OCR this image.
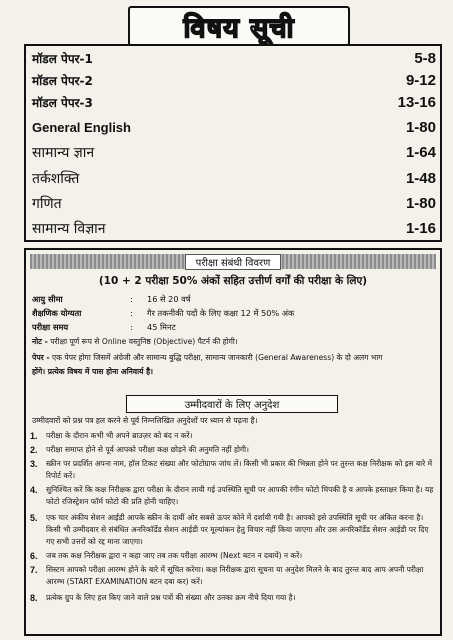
विषय सूची
मॉडल पेपर-1	5-8
मॉडल पेपर-2	9-12
मॉडल पेपर-3	13-16
General English	1-80
सामान्य ज्ञान	1-64
तर्कशक्ति	1-48
गणित	1-80
सामान्य विज्ञान	1-16
परीक्षा संबंधी विवरण
(10 + 2 परीक्षा 50% अंकों सहित उत्तीर्ण वर्गों की परीक्षा के लिए)
आयु सीमा	: 16 से 20 वर्ष
शैक्षणिक योग्यता	: गैर तकनीकी पदों के लिए कक्षा 12 में 50% अंक
परीक्षा समय	: 45 मिनट
नोट - परीक्षा पूर्ण रूप से Online वस्तुनिष्ठ (Objective) पैटर्न की होगी।
पेपर - एक पेपर होगा जिसमें अंग्रेजी और सामान्य बुद्धि परीक्षा, सामान्य जानकारी (General Awareness) के दो अलग भाग
होंगे। प्रत्येक विषय में पास होना अनिवार्य है।
उम्मीदवारों के लिए अनुदेश
उम्मीदवारों को प्रश्न पत्र हल करने से पूर्व निम्नलिखित अनुदेशों पर ध्यान से पढ़ना है।
1. परीक्षा के दौरान कभी भी अपने ब्राउज़र को बंद न करें।
2. परीक्षा समाप्त होने से पूर्व आपको परीक्षा कक्ष छोड़ने की अनुमति नहीं होगी।
3. स्क्रीन पर प्रदर्शित अपना नाम, हॉल टिकट संख्या और फोटोग्राफ जांच लें। किसी भी प्रकार की भिन्नता होने पर तुरन्त कक्ष निरीक्षक को इस बारे में रिपोर्ट करें।
4. सुनिश्चित करें कि कक्ष निरीक्षक द्वारा परीक्षा के दौरान लायी गई उपस्थिति सूची पर आपकी रंगीन फोटो चिपकी है व आपके हस्ताक्षर किया है। यह फोटो रजिस्ट्रेशन फॉर्म फोटो की प्रति होनी चाहिए।
5. एक चार अंकीय सेशन आईडी आपके स्क्रीन के दायीं ओर सबसे ऊपर कोने में दर्शायी गयी है। आपको इसे उपस्थिति सूची पर अंकित करना है। किसी भी उम्मीदवार से संबंधित अनरिकॉर्डेड सेशन आईडी पर मूल्यांकन हेतु विचार नहीं किया जाएगा और उस अनरिकॉर्डेड सेशन आईडी पर दिए गए सभी उत्तरों को रद्द माना जाएगा।
6. जब तक कक्ष निरीक्षक द्वारा न कहा जाए तब तक परीक्षा आरम्भ (Next बटन न दबायें) न करें।
7. सिस्टम आपको परीक्षा आरम्भ होने के बारे में सूचित करेगा। कक्ष निरीक्षक द्वारा सूचना या अनुदेश मिलने के बाद तुरन्त बाद आप अपनी परीक्षा आरम्भ (START EXAMINATION बटन दबा कर) करें।
8. प्रत्येक ग्रुप के लिए हल किए जाने वाले प्रश्न पत्रों की संख्या और उनका क्रम नीचे दिया गया है।
